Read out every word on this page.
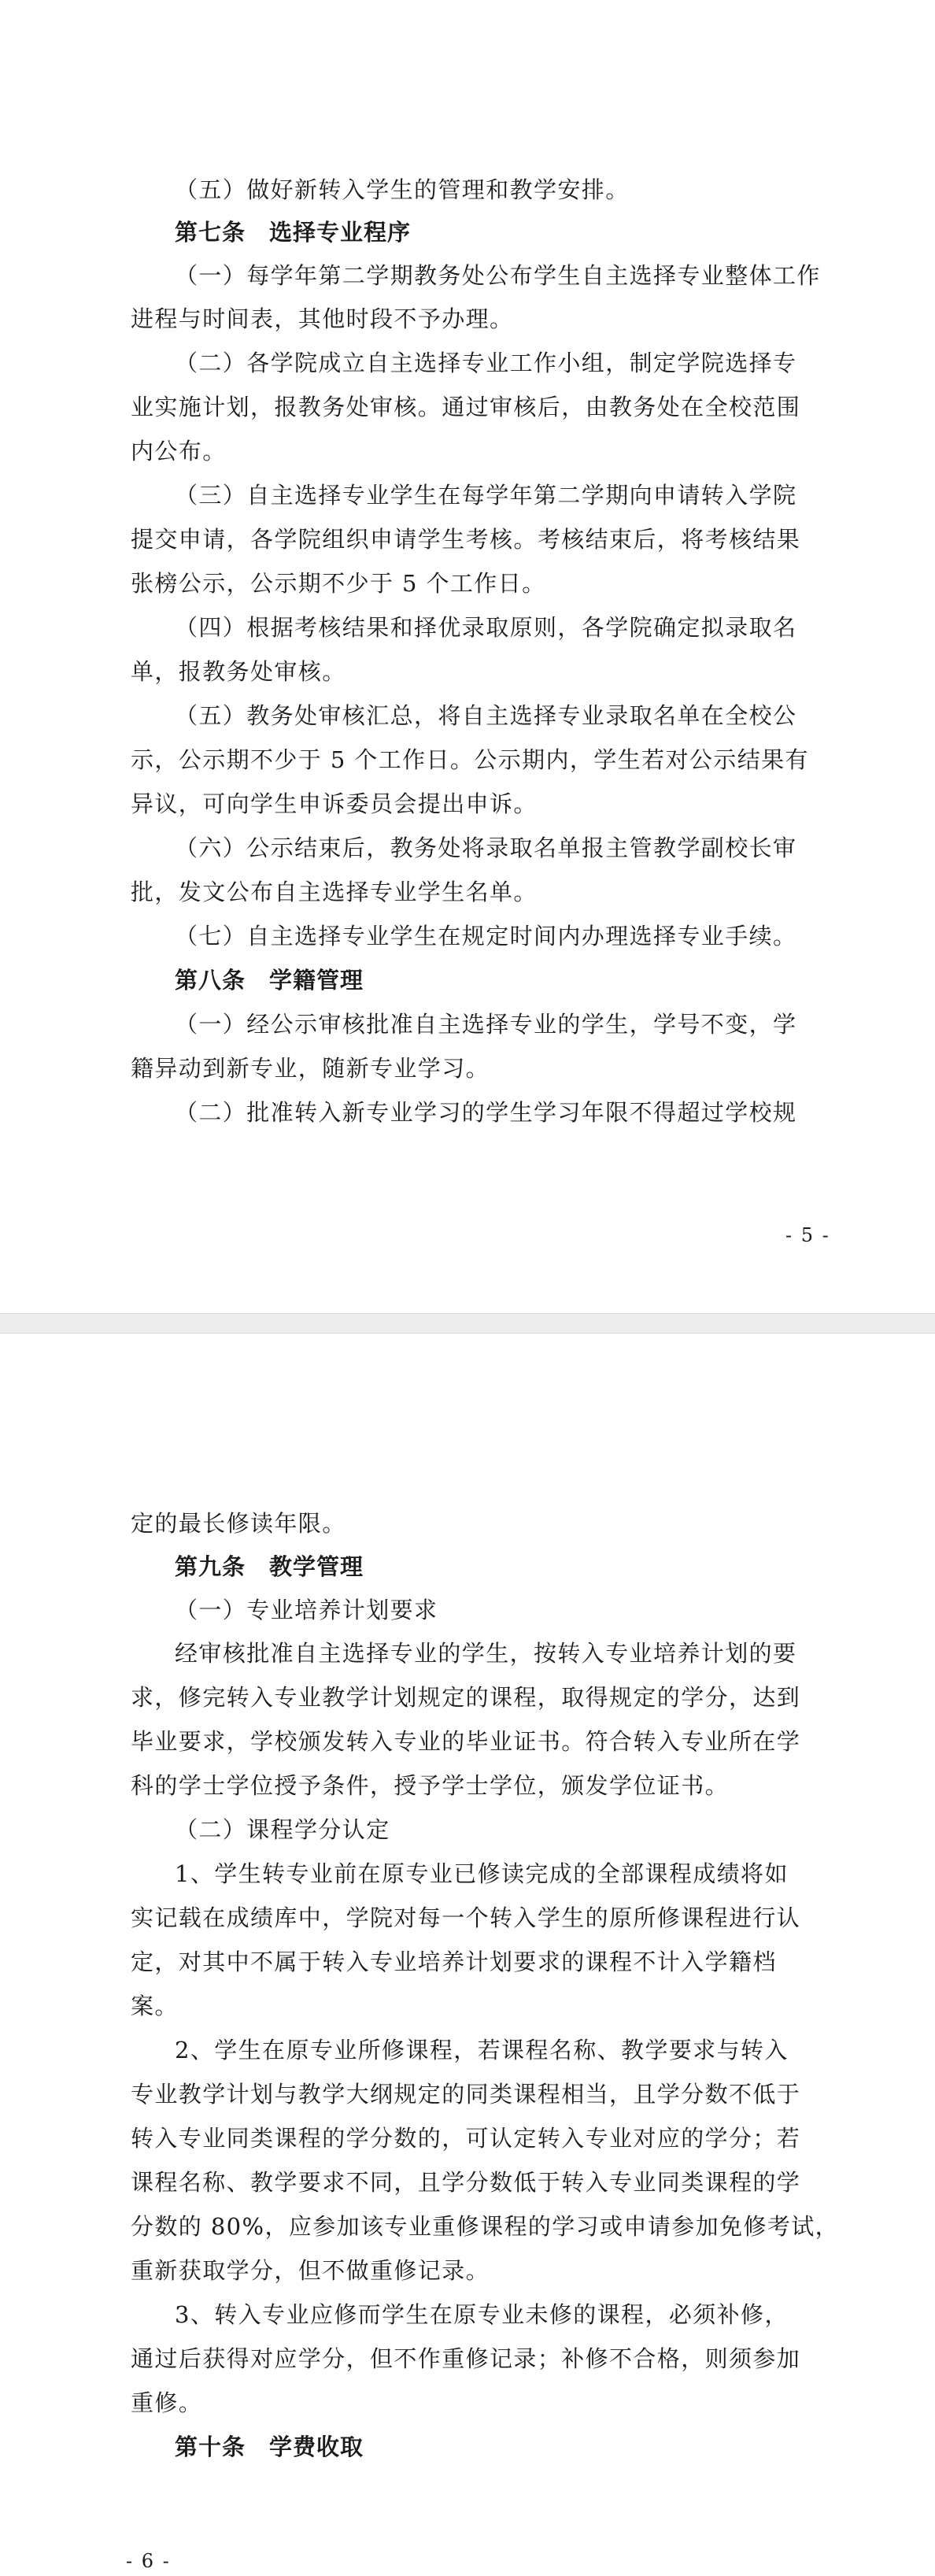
（五）做好新转入学生的管理和教学安排。
第七条　选择专业程序
（一）每学年第二学期教务处公布学生自主选择专业整体工作
进程与时间表，其他时段不予办理。
（二）各学院成立自主选择专业工作小组，制定学院选择专
业实施计划，报教务处审核。通过审核后，由教务处在全校范围
内公布。
（三）自主选择专业学生在每学年第二学期向申请转入学院
提交申请，各学院组织申请学生考核。考核结束后，将考核结果
张榜公示，公示期不少于 5 个工作日。
（四）根据考核结果和择优录取原则，各学院确定拟录取名
单，报教务处审核。
（五）教务处审核汇总，将自主选择专业录取名单在全校公
示，公示期不少于 5 个工作日。公示期内，学生若对公示结果有
异议，可向学生申诉委员会提出申诉。
（六）公示结束后，教务处将录取名单报主管教学副校长审
批，发文公布自主选择专业学生名单。
（七）自主选择专业学生在规定时间内办理选择专业手续。
第八条　学籍管理
（一）经公示审核批准自主选择专业的学生，学号不变，学
籍异动到新专业，随新专业学习。
（二）批准转入新专业学习的学生学习年限不得超过学校规
- 5 -
定的最长修读年限。
第九条　教学管理
（一）专业培养计划要求
经审核批准自主选择专业的学生，按转入专业培养计划的要
求，修完转入专业教学计划规定的课程，取得规定的学分，达到
毕业要求，学校颁发转入专业的毕业证书。符合转入专业所在学
科的学士学位授予条件，授予学士学位，颁发学位证书。
（二）课程学分认定
1、学生转专业前在原专业已修读完成的全部课程成绩将如
实记载在成绩库中，学院对每一个转入学生的原所修课程进行认
定，对其中不属于转入专业培养计划要求的课程不计入学籍档
案。
2、学生在原专业所修课程，若课程名称、教学要求与转入
专业教学计划与教学大纲规定的同类课程相当，且学分数不低于
转入专业同类课程的学分数的，可认定转入专业对应的学分；若
课程名称、教学要求不同，且学分数低于转入专业同类课程的学
分数的 80%，应参加该专业重修课程的学习或申请参加免修考试，
重新获取学分，但不做重修记录。
3、转入专业应修而学生在原专业未修的课程，必须补修，
通过后获得对应学分，但不作重修记录；补修不合格，则须参加
重修。
第十条　学费收取
- 6 -
